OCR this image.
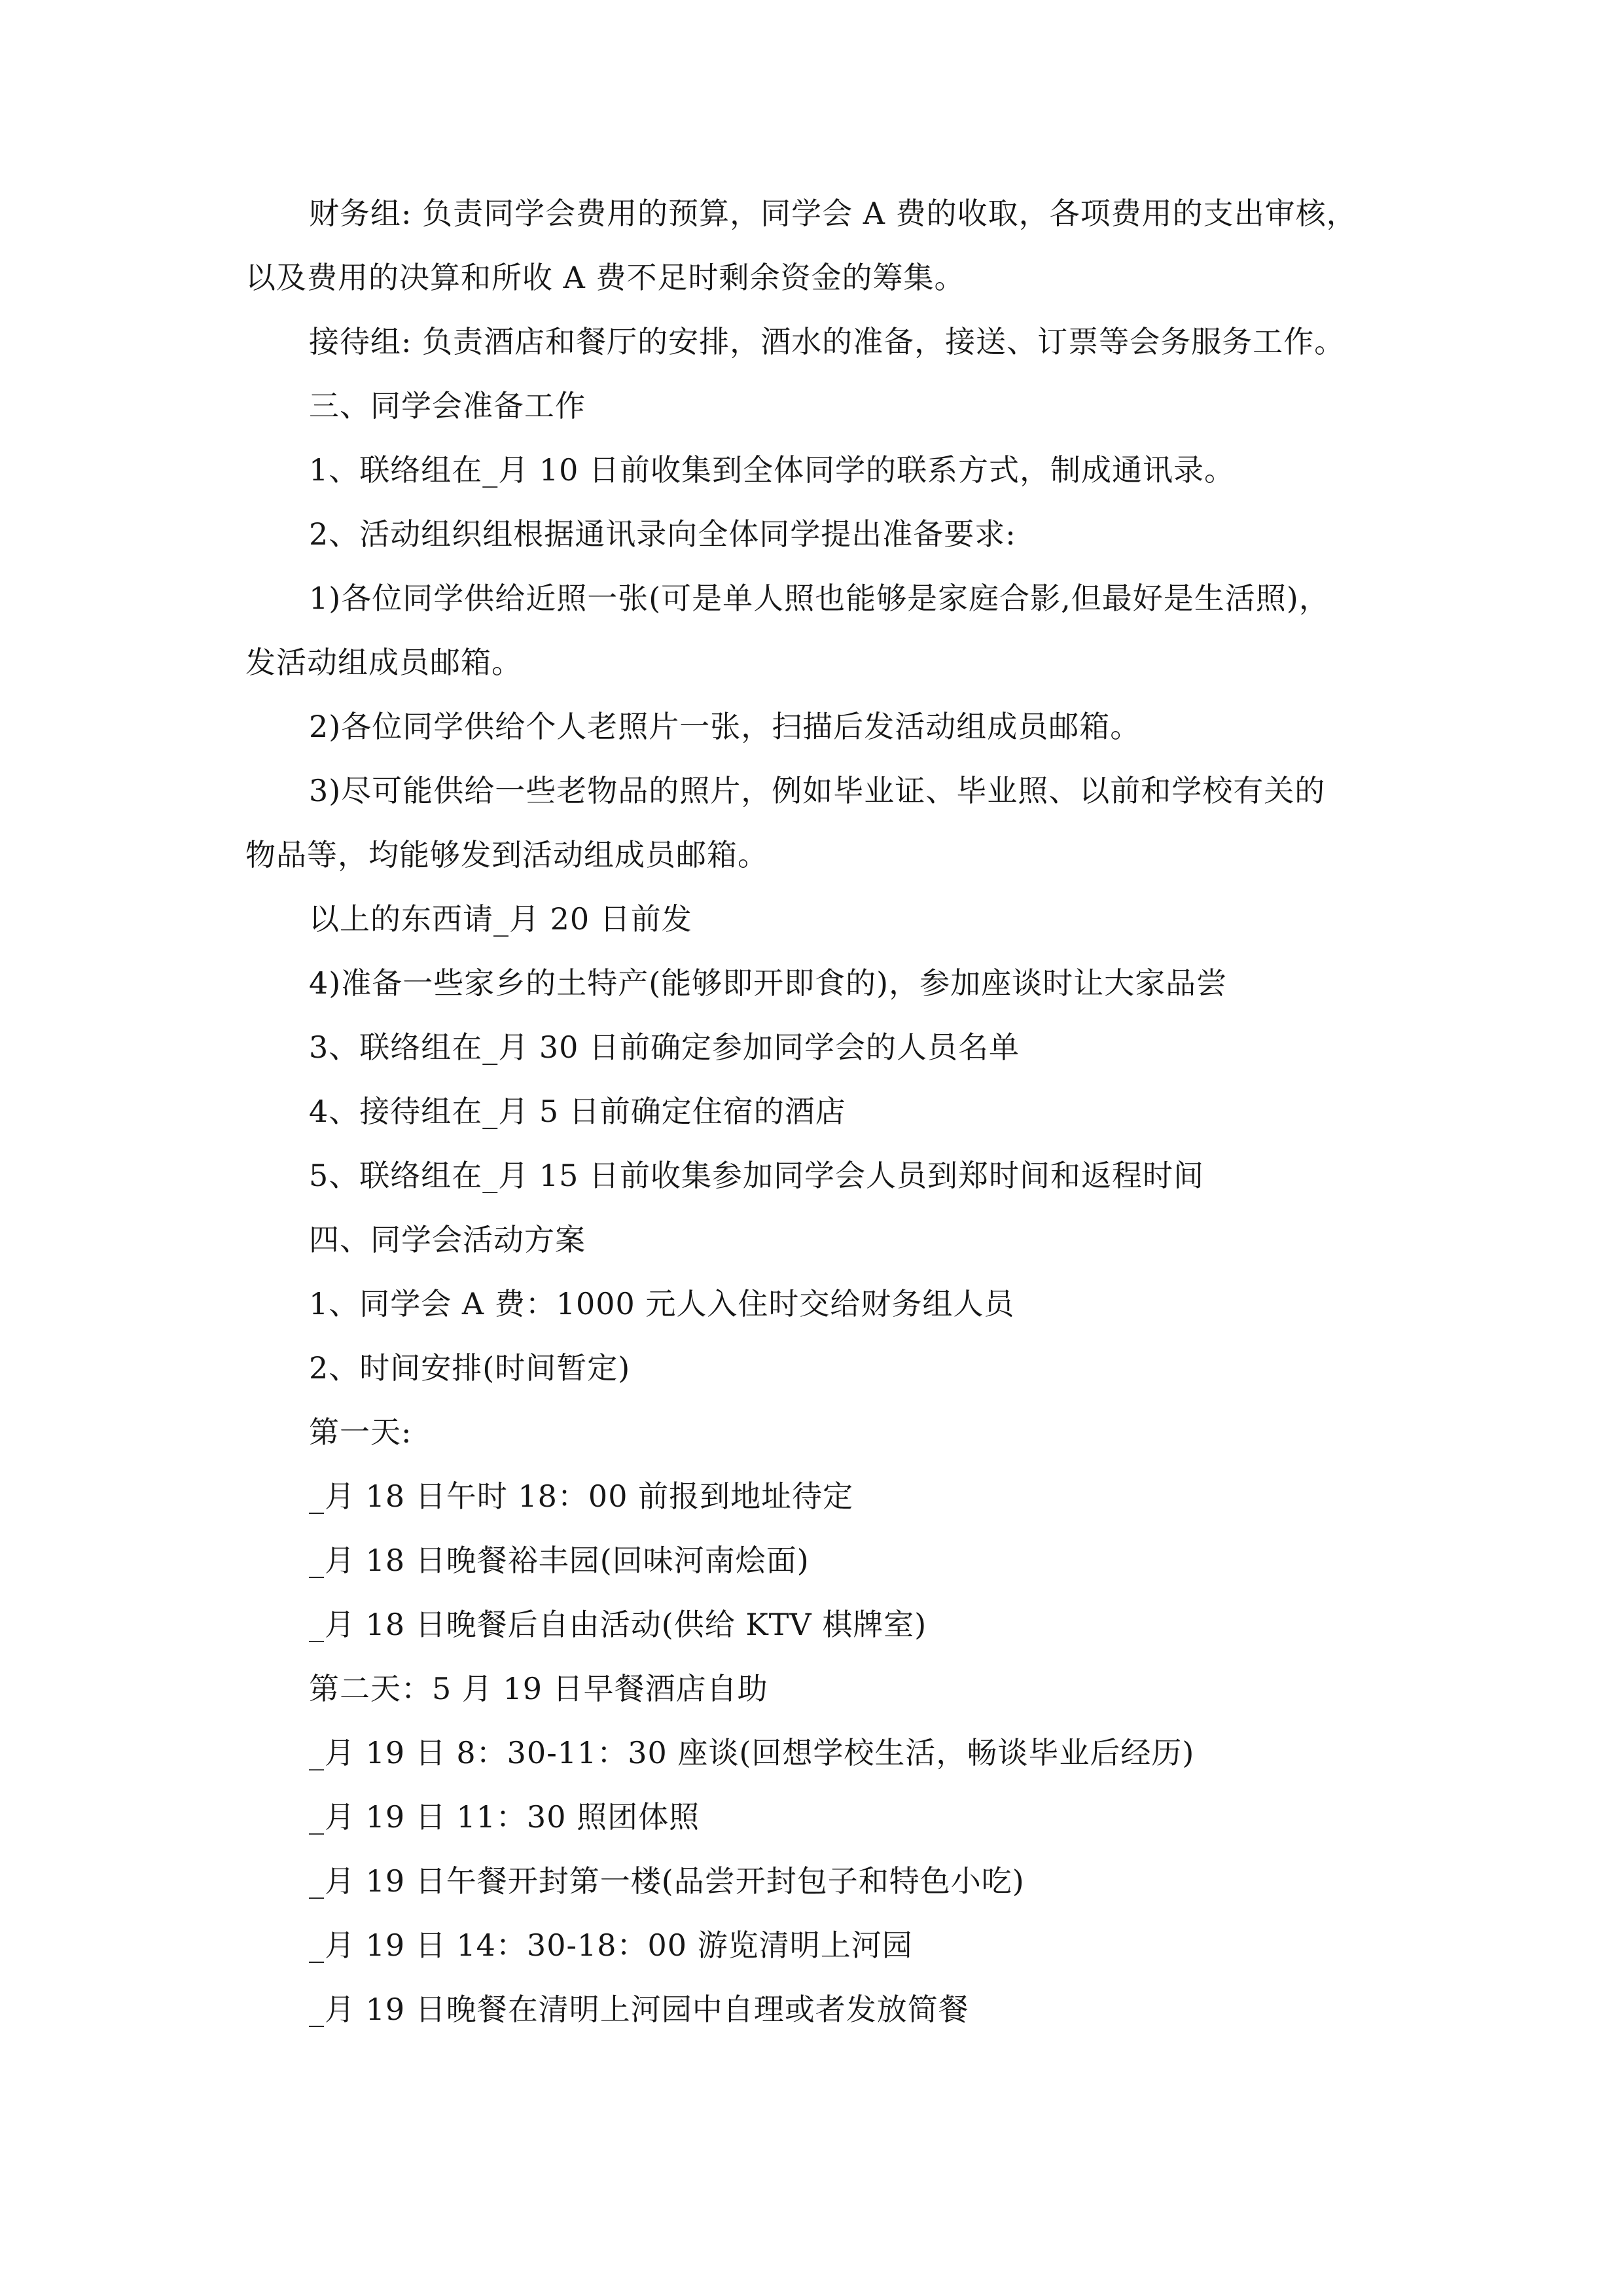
财务组: 负责同学会费用的预算，同学会 A 费的收取，各项费用的支出审核，
以及费用的决算和所收 A 费不足时剩余资金的筹集。
接待组: 负责酒店和餐厅的安排，酒水的准备，接送、订票等会务服务工作。
三、同学会准备工作
1、联络组在_月 10 日前收集到全体同学的联系方式，制成通讯录。
2、活动组织组根据通讯录向全体同学提出准备要求:
1)各位同学供给近照一张(可是单人照也能够是家庭合影,但最好是生活照)，
发活动组成员邮箱。
2)各位同学供给个人老照片一张，扫描后发活动组成员邮箱。
3)尽可能供给一些老物品的照片，例如毕业证、毕业照、以前和学校有关的
物品等，均能够发到活动组成员邮箱。
以上的东西请_月 20 日前发
4)准备一些家乡的土特产(能够即开即食的)，参加座谈时让大家品尝
3、联络组在_月 30 日前确定参加同学会的人员名单
4、接待组在_月 5 日前确定住宿的酒店
5、联络组在_月 15 日前收集参加同学会人员到郑时间和返程时间
四、同学会活动方案
1、同学会 A 费：1000 元人入住时交给财务组人员
2、时间安排(时间暂定)
第一天:
_月 18 日午时 18：00 前报到地址待定
_月 18 日晚餐裕丰园(回味河南烩面)
_月 18 日晚餐后自由活动(供给 KTV 棋牌室)
第二天：5 月 19 日早餐酒店自助
_月 19 日 8：30-11：30 座谈(回想学校生活，畅谈毕业后经历)
_月 19 日 11：30 照团体照
_月 19 日午餐开封第一楼(品尝开封包子和特色小吃)
_月 19 日 14：30-18：00 游览清明上河园
_月 19 日晚餐在清明上河园中自理或者发放简餐
